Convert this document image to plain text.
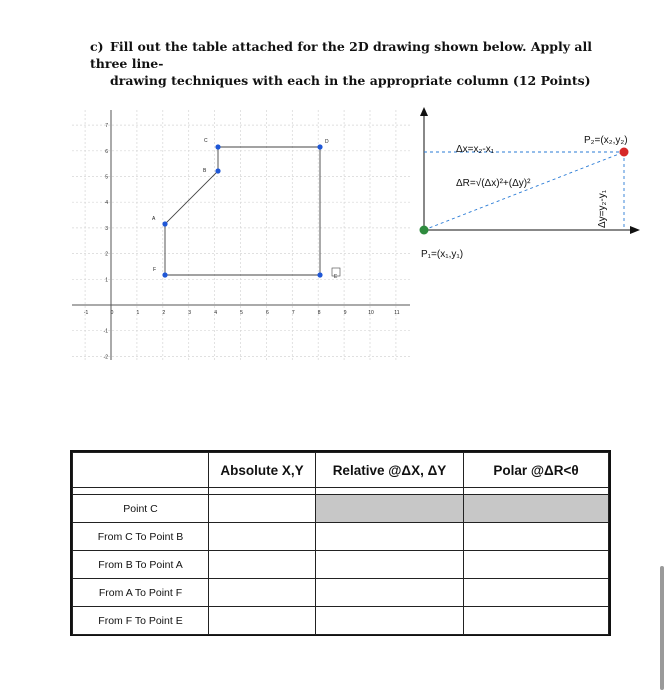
c) Fill out the table attached for the 2D drawing shown below. Apply all three line-
drawing techniques with each in the appropriate column (12 Points)
-1	0	1	2	3	4	5	6	7	8	9	10	11
7
6
5
4
3
2
1
-1
-2
C	D
B
A
F
E
P₂=(x₂,y₂)
Δx=x₂-x₁
ΔR=√(Δx)²+(Δy)²
P₁=(x₁,y₁)
Δy=y₂-y₁
	Absolute X,Y	Relative @ΔX, ΔY	Polar @ΔR<θ

Point C			
From C To Point B			
From B To Point A			
From A To Point F			
From F To Point E			
